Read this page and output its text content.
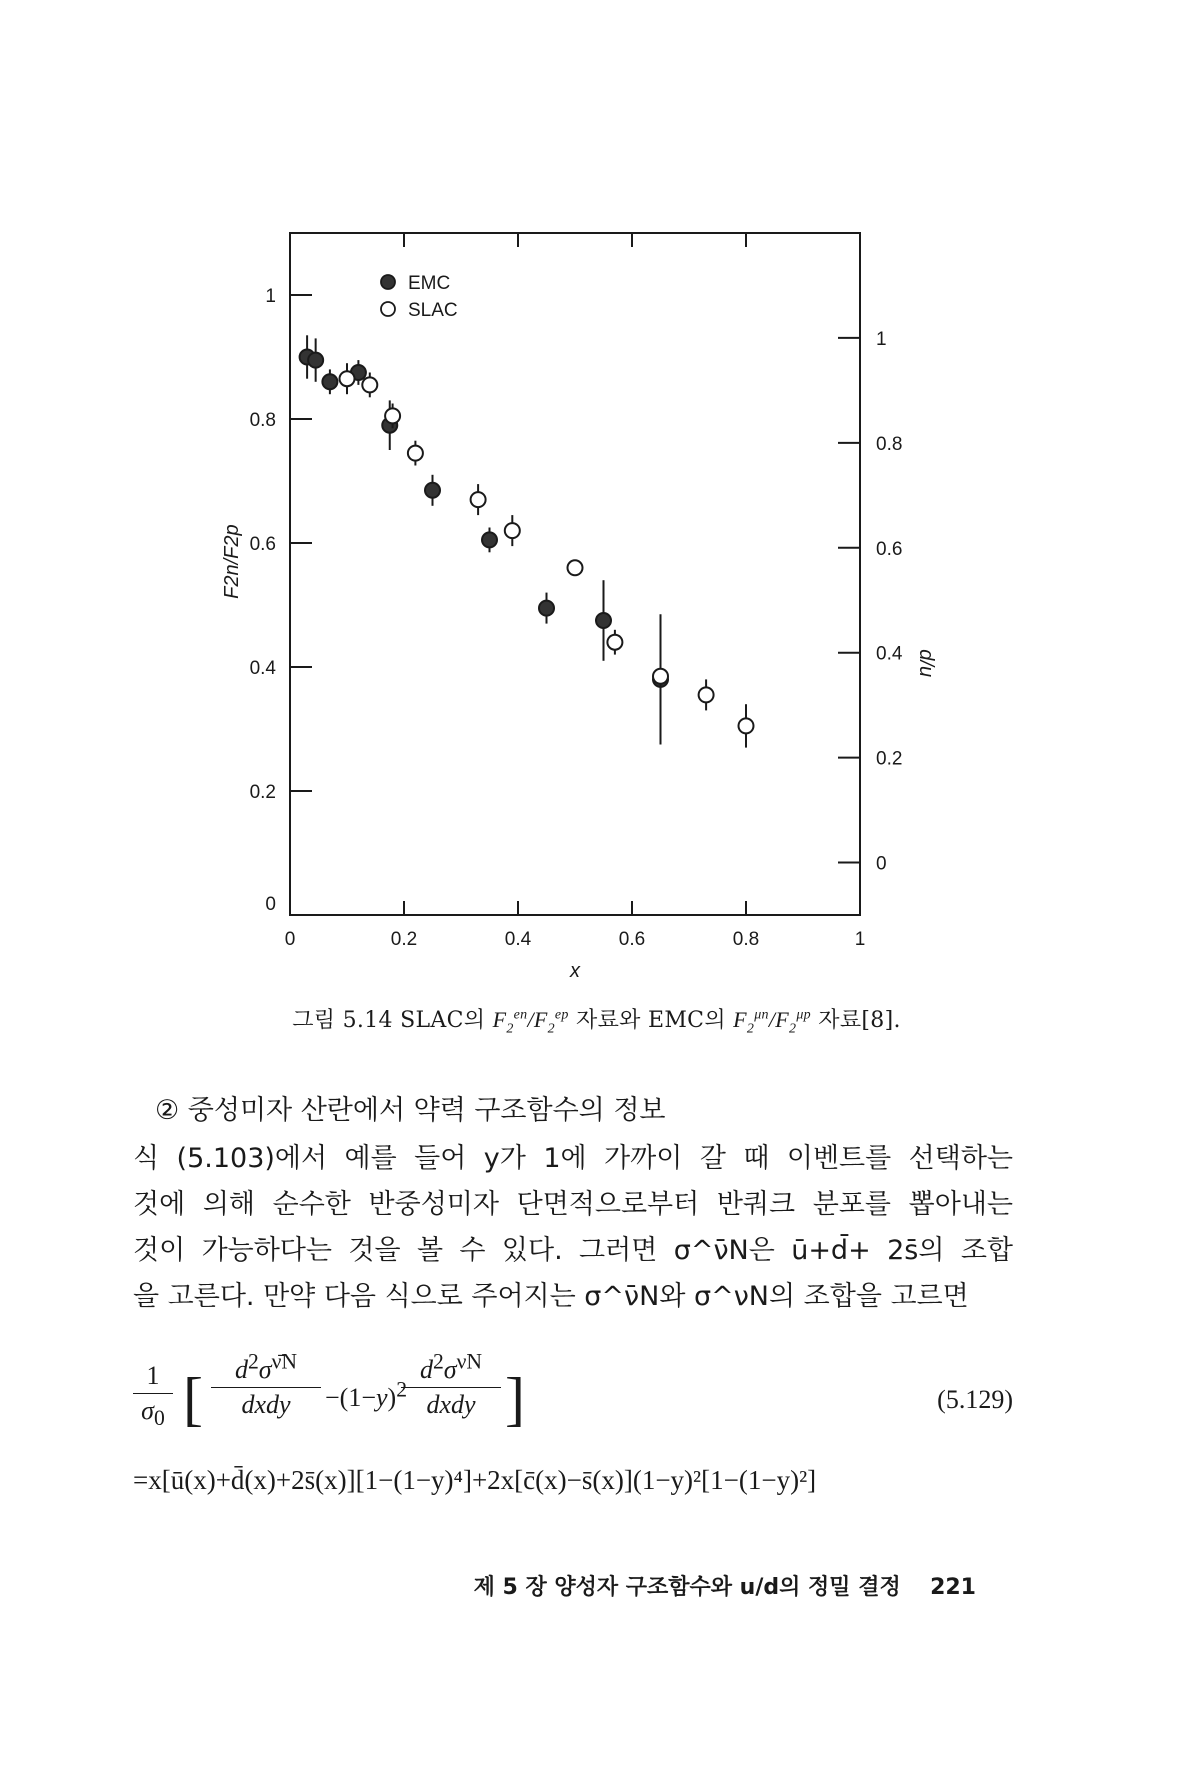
0	0.2	0.4	0.6	0.8	1
0
0.2
0.4
0.6
0.8
1
0
0.2
0.4
0.6
0.8
1
x
F2n/F2p
d/u
EMC
SLAC
그림 5.14 SLAC의 $F_2^{en}/F_2^{ep}$ 자료와 EMC의 $F_2^{\mu n}/F_2^{\mu p}$ 자료[8].
② 중성미자 산란에서 약력 구조함수의 정보

식 (5.103)에서 예를 들어 y가 1에 가까이 갈 때 이벤트를 선택하는

것에 의해 순수한 반중성미자 단면적으로부터 반쿼크 분포를 뽑아내는

것이 가능하다는 것을 볼 수 있다. 그러면 σ^ν̄N은 ū+d̄+ 2s̄의 조합

을 고른다. 만약 다음 식으로 주어지는 σ^ν̄N와 σ^νN의 조합을 고르면

$\frac{1}{\sigma_0}$ [	$d^2\sigma^{\nūN}$
dxdy	$-(1-y)^2$
$d^2\sigma^{\nu N}$
dxdy ]	(5.129)
=x[ū(x)+d̄(x)+2s̄(x)][1−(1−y)⁴]+2x[c̄(x)−s̄(x)](1−y)²[1−(1−y)²]
제 5 장 양성자 구조함수와 u/d의 정밀 결정 221
